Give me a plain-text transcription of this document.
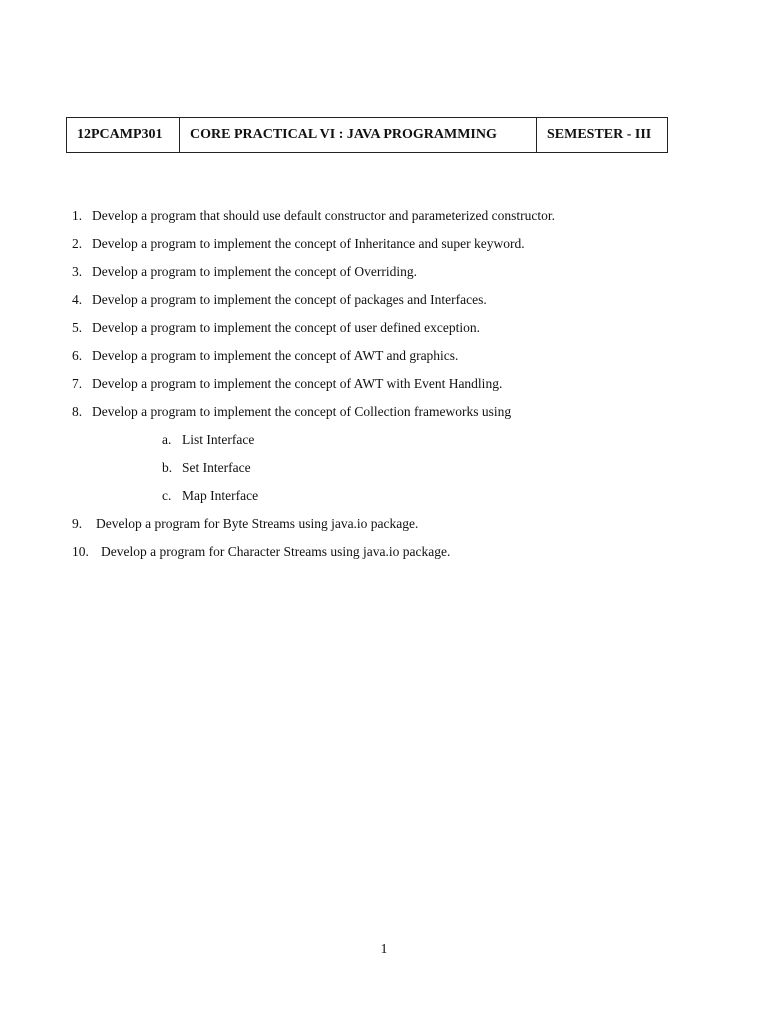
12PCAMP301	CORE PRACTICAL VI : JAVA PROGRAMMING	SEMESTER - III
1. Develop a program that should use default constructor and parameterized constructor.
2. Develop a program to implement the concept of Inheritance and super keyword.
3. Develop a program to implement the concept of Overriding.
4. Develop a program to implement the concept of packages and Interfaces.
5. Develop a program to implement the concept of user defined exception.
6. Develop a program to implement the concept of AWT and graphics.
7. Develop a program to implement the concept of AWT with Event Handling.
8. Develop a program to implement the concept of Collection frameworks using
a. List Interface
b. Set Interface
c. Map Interface
9. Develop a program for Byte Streams using java.io package.
10. Develop a program for Character Streams using java.io package.
1
